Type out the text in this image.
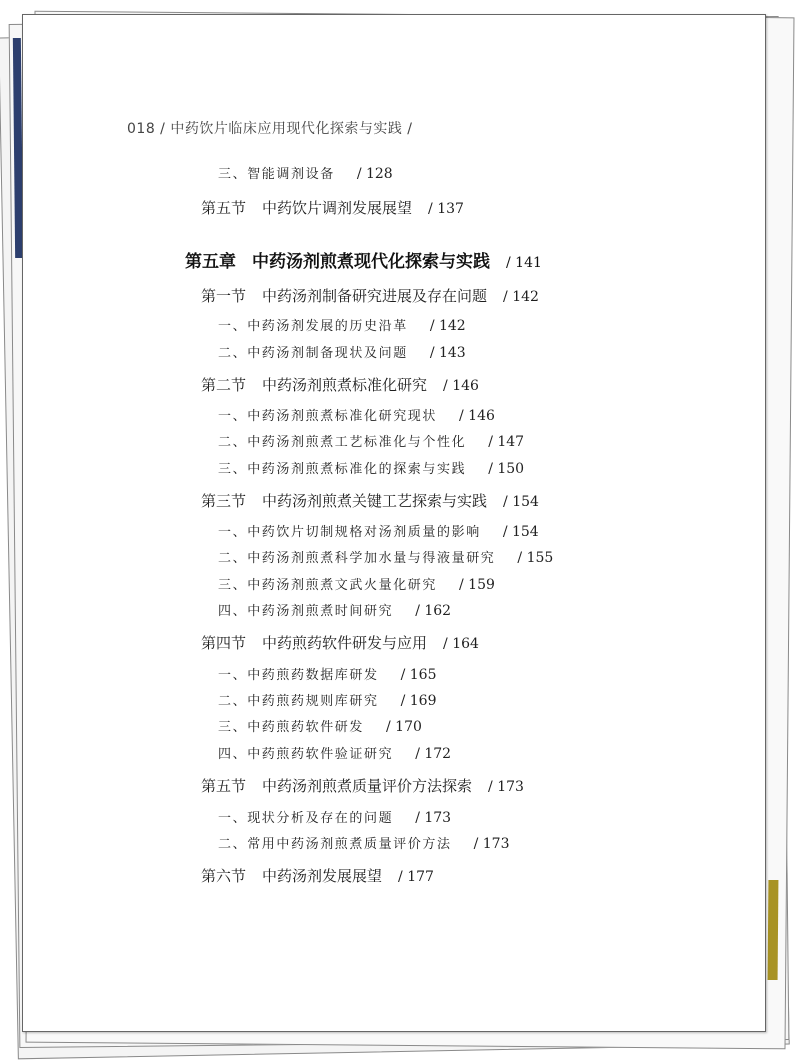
018 / 中药饮片临床应用现代化探索与实践 /
三、智能调剂设备 / 128
第五节 中药饮片调剂发展展望 / 137
第五章 中药汤剂煎煮现代化探索与实践 / 141
第一节 中药汤剂制备研究进展及存在问题 / 142
一、中药汤剂发展的历史沿革 / 142
二、中药汤剂制备现状及问题 / 143
第二节 中药汤剂煎煮标准化研究 / 146
一、中药汤剂煎煮标准化研究现状 / 146
二、中药汤剂煎煮工艺标准化与个性化 / 147
三、中药汤剂煎煮标准化的探索与实践 / 150
第三节 中药汤剂煎煮关键工艺探索与实践 / 154
一、中药饮片切制规格对汤剂质量的影响 / 154
二、中药汤剂煎煮科学加水量与得液量研究 / 155
三、中药汤剂煎煮文武火量化研究 / 159
四、中药汤剂煎煮时间研究 / 162
第四节 中药煎药软件研发与应用 / 164
一、中药煎药数据库研发 / 165
二、中药煎药规则库研究 / 169
三、中药煎药软件研发 / 170
四、中药煎药软件验证研究 / 172
第五节 中药汤剂煎煮质量评价方法探索 / 173
一、现状分析及存在的问题 / 173
二、常用中药汤剂煎煮质量评价方法 / 173
第六节 中药汤剂发展展望 / 177
